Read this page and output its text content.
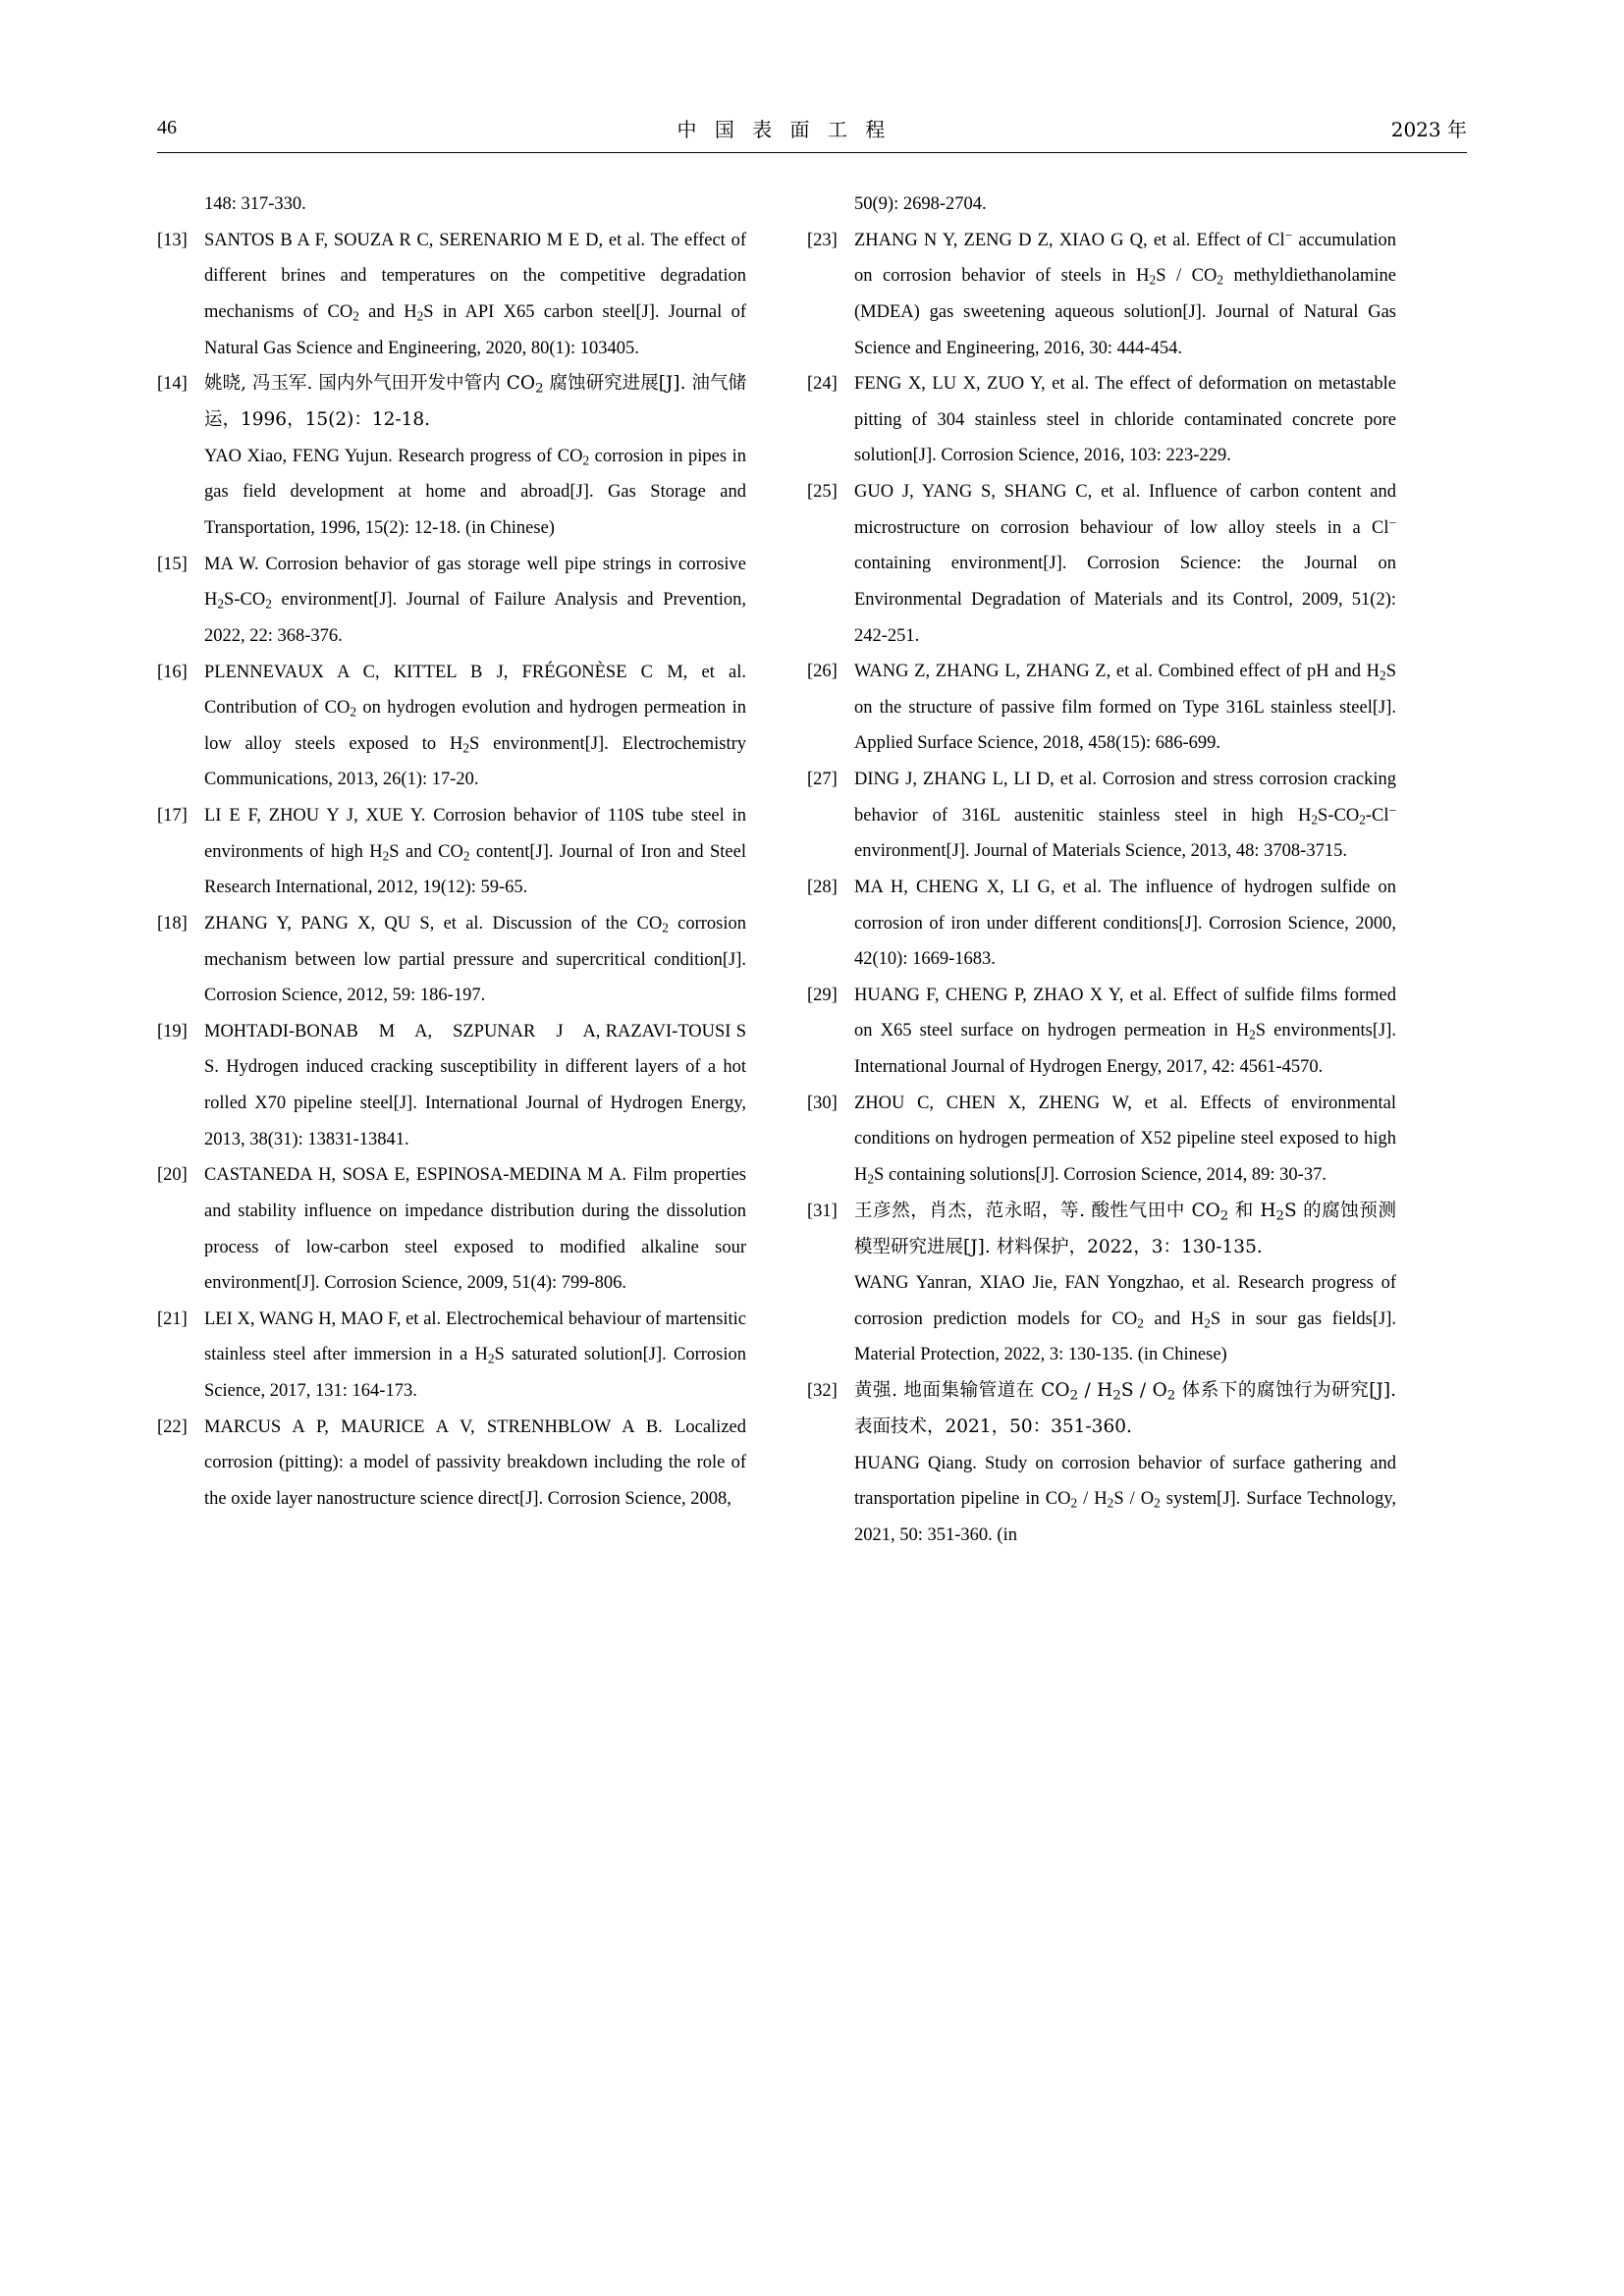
46	中 国 表 面 工 程	2023 年
148: 317-330.
[13] SANTOS B A F, SOUZA R C, SERENARIO M E D, et al. The effect of different brines and temperatures on the competitive degradation mechanisms of $CO_2$ and $H_2S$ in API X65 carbon steel[J]. Journal of Natural Gas Science and Engineering, 2020, 80(1): 103405.
[14] 姚晓, 冯玉军. 国内外气田开发中管内 $CO_2$ 腐蚀研究进展[J]. 油气储运，1996，15(2)：12-18.
YAO Xiao, FENG Yujun. Research progress of $CO_2$ corrosion in pipes in gas field development at home and abroad[J]. Gas Storage and Transportation, 1996, 15(2): 12-18. (in Chinese)
[15] MA W. Corrosion behavior of gas storage well pipe strings in corrosive $H_2S-CO_2$ environment[J]. Journal of Failure Analysis and Prevention, 2022, 22: 368-376.
[16] PLENNEVAUX A C, KITTEL B J, FRÉGONÈSE C M, et al. Contribution of $CO_2$ on hydrogen evolution and hydrogen permeation in low alloy steels exposed to $H_2S$ environment[J]. Electrochemistry Communications, 2013, 26(1): 17-20.
[17] LI E F, ZHOU Y J, XUE Y. Corrosion behavior of 110S tube steel in environments of high $H_2S$ and $CO_2$ content[J]. Journal of Iron and Steel Research International, 2012, 19(12): 59-65.
[18] ZHANG Y, PANG X, QU S, et al. Discussion of the $CO_2$ corrosion mechanism between low partial pressure and supercritical condition[J]. Corrosion Science, 2012, 59: 186-197.
[19] MOHTADI-BONAB    M    A,    SZPUNAR    J    A, RAZAVI-TOUSI S S. Hydrogen induced cracking susceptibility in different layers of a hot rolled X70 pipeline steel[J]. International Journal of Hydrogen Energy, 2013, 38(31): 13831-13841.
[20] CASTANEDA H, SOSA E, ESPINOSA-MEDINA M A. Film properties and stability influence on impedance distribution during the dissolution process of low-carbon steel exposed to modified alkaline sour environment[J]. Corrosion Science, 2009, 51(4): 799-806.
[21] LEI X, WANG H, MAO F, et al. Electrochemical behaviour of martensitic stainless steel after immersion in a $H_2S$ saturated solution[J]. Corrosion Science, 2017, 131: 164-173.
[22] MARCUS A P, MAURICE A V, STRENHBLOW A B. Localized corrosion (pitting): a model of passivity breakdown including the role of the oxide layer nanostructure science direct[J]. Corrosion Science, 2008,
50(9): 2698-2704.
[23] ZHANG N Y, ZENG D Z, XIAO G Q, et al. Effect of Cl− accumulation on corrosion behavior of steels in $H_2S / CO_2$ methyldiethanolamine (MDEA) gas sweetening aqueous solution[J]. Journal of Natural Gas Science and Engineering, 2016, 30: 444-454.
[24] FENG X, LU X, ZUO Y, et al. The effect of deformation on metastable pitting of 304 stainless steel in chloride contaminated concrete pore solution[J]. Corrosion Science, 2016, 103: 223-229.
[25] GUO J, YANG S, SHANG C, et al. Influence of carbon content and microstructure on corrosion behaviour of low alloy steels in a Cl− containing environment[J]. Corrosion Science: the Journal on Environmental Degradation of Materials and its Control, 2009, 51(2): 242-251.
[26] WANG Z, ZHANG L, ZHANG Z, et al. Combined effect of pH and $H_2S$ on the structure of passive film formed on Type 316L stainless steel[J]. Applied Surface Science, 2018, 458(15): 686-699.
[27] DING J, ZHANG L, LI D, et al. Corrosion and stress corrosion cracking behavior of 316L austenitic stainless steel in high $H_2S-CO_2-Cl^-$ environment[J]. Journal of Materials Science, 2013, 48: 3708-3715.
[28] MA H, CHENG X, LI G, et al. The influence of hydrogen sulfide on corrosion of iron under different conditions[J]. Corrosion Science, 2000, 42(10): 1669-1683.
[29] HUANG F, CHENG P, ZHAO X Y, et al. Effect of sulfide films formed on X65 steel surface on hydrogen permeation in $H_2S$ environments[J]. International Journal of Hydrogen Energy, 2017, 42: 4561-4570.
[30] ZHOU C, CHEN X, ZHENG W, et al. Effects of environmental conditions on hydrogen permeation of X52 pipeline steel exposed to high $H_2S$ containing solutions[J]. Corrosion Science, 2014, 89: 30-37.
[31] 王彦然，肖杰，范永昭，等. 酸性气田中 $CO_2$ 和 $H_2S$ 的腐蚀预测模型研究进展[J]. 材料保护，2022，3：130-135.
WANG Yanran, XIAO Jie, FAN Yongzhao, et al. Research progress of corrosion prediction models for $CO_2$ and $H_2S$ in sour gas fields[J]. Material Protection, 2022, 3: 130-135. (in Chinese)
[32] 黄强. 地面集输管道在 $CO_2 / H_2S / O_2$ 体系下的腐蚀行为研究[J]. 表面技术，2021，50：351-360.
HUANG Qiang. Study on corrosion behavior of surface gathering and transportation pipeline in $CO_2 / H_2S / O_2$ system[J]. Surface Technology, 2021, 50: 351-360. (in
